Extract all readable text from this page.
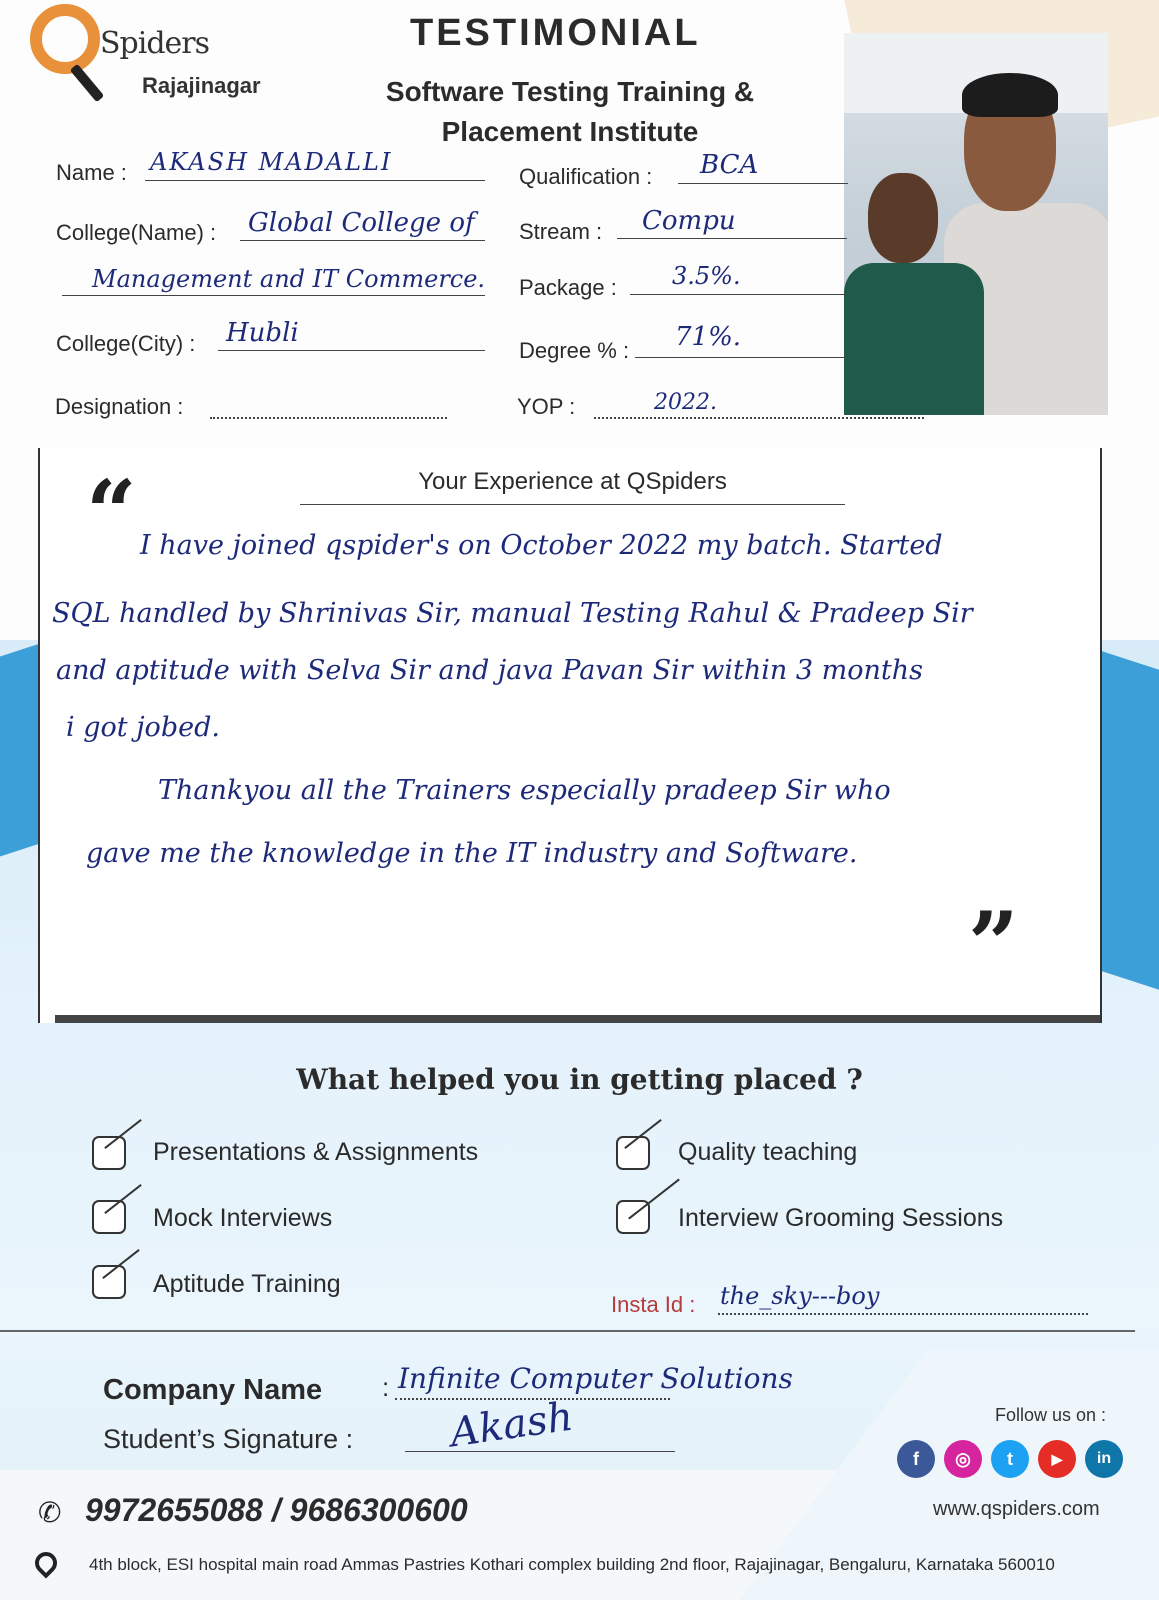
Spiders
Rajajinagar
TESTIMONIAL
Software Testing Training & Placement Institute
Name : AKASH MADALLI
College(Name) : Global College of
Management and IT Commerce.
College(City) : Hubli
Designation :
Qualification : BCA
Stream : Compu
Package : 3.5%.
Degree % : 71%.
YOP :	2022.
Your Experience at QSpiders
“
”
I have joined qspider's on October 2022 my batch. Started
SQL handled by Shrinivas Sir, manual Testing Rahul & Pradeep Sir
and aptitude with Selva Sir and java Pavan Sir within 3 months
i got jobed.
Thankyou all the Trainers especially pradeep Sir who
gave me the knowledge in the IT industry and Software.
What helped you in getting placed ?
Presentations & Assignments	Quality teaching
Mock Interviews	Interview Grooming Sessions
Aptitude Training
Insta Id : the_sky---boy
Company Name : Infinite Computer Solutions
Student’s Signature : Akash	Follow us on :
f	◎	t	▶	in
www.qspiders.com
✆ 9972655088 / 9686300600
4th block, ESI hospital main road Ammas Pastries Kothari complex building 2nd floor, Rajajinagar, Bengaluru, Karnataka 560010
